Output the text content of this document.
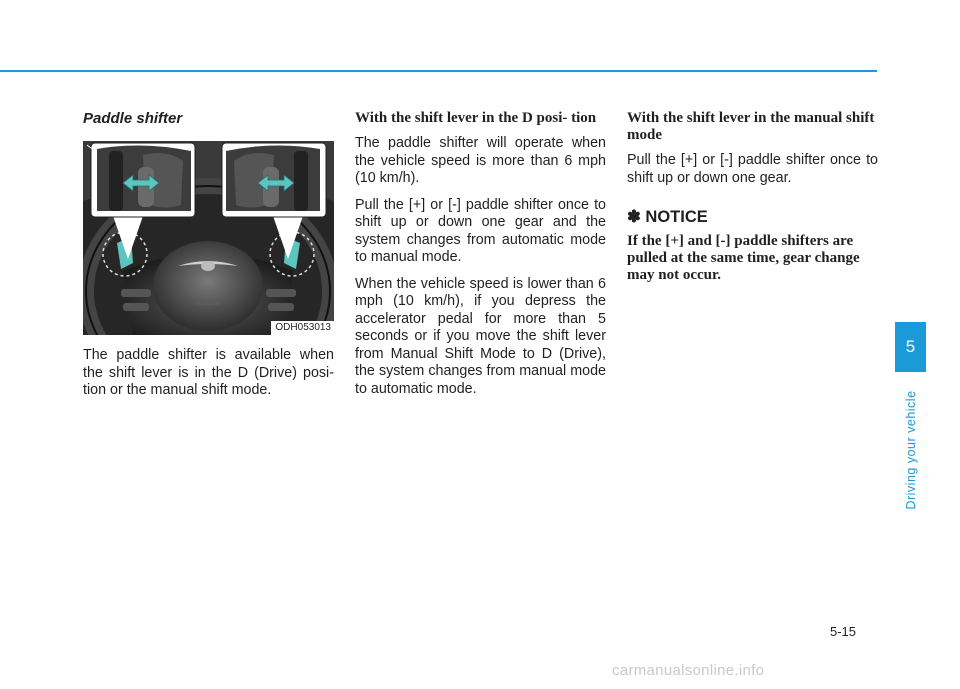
Paddle shifter
ODH053013

The paddle shifter is available when the shift lever is in the D (Drive) posi- tion or the manual shift mode.

With the shift lever in the D posi- tion

The paddle shifter will operate when the vehicle speed is more than 6 mph (10 km/h).

Pull the [+] or [-] paddle shifter once to shift up or down one gear and the system changes from automatic mode to manual mode.

When the vehicle speed is lower than 6 mph (10 km/h), if you depress the accelerator pedal for more than 5 seconds or if you move the shift lever from Manual Shift Mode to D (Drive), the system changes from manual mode to automatic mode.

With the shift lever in the manual shift mode

Pull the [+] or [-] paddle shifter once to shift up or down one gear.

✽ NOTICE

If the [+] and [-] paddle shifters are pulled at the same time, gear change may not occur.

5
Driving your vehicle
5-15
carmanualsonline.info
